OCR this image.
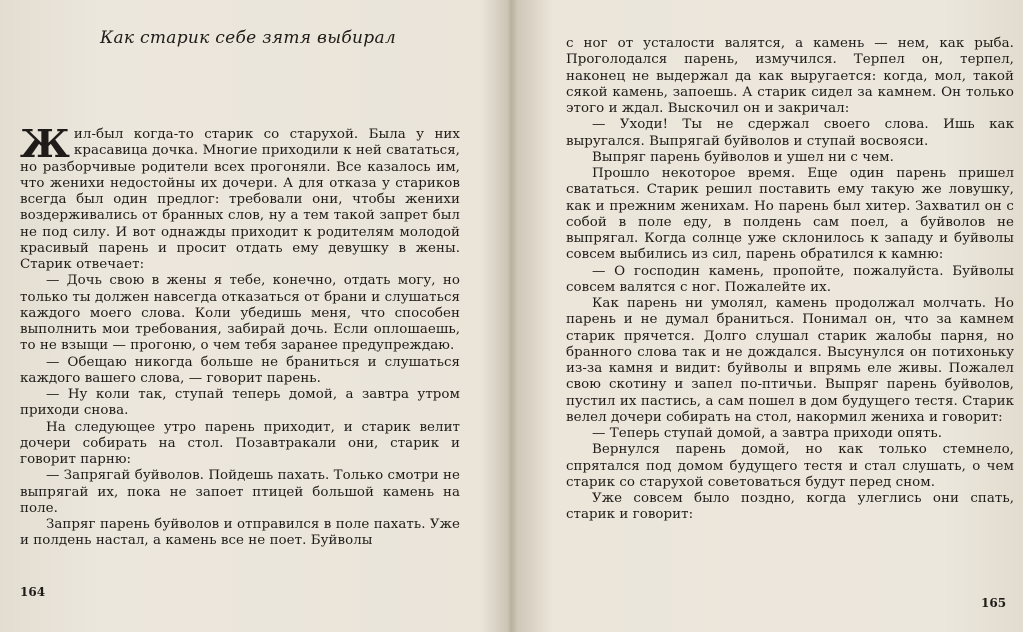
Как старик себе зятя выбирал

Жил-был когда-то старик со старухой. Была у них красавица дочка. Многие приходили к ней свататься, но разборчивые родители всех прогоняли. Все казалось им, что женихи недостойны их дочери. А для отказа у стариков всегда был один предлог: требовали они, чтобы женихи воздерживались от бранных слов, ну а тем такой запрет был не под силу. И вот однажды приходит к родителям молодой красивый парень и просит отдать ему девушку в жены. Старик отвечает:

— Дочь свою в жены я тебе, конечно, отдать могу, но только ты должен навсегда отказаться от брани и слушаться каждого моего слова. Коли убедишь меня, что способен выполнить мои требования, забирай дочь. Если оплошаешь, то не взыщи — прогоню, о чем тебя заранее предупреждаю.

— Обещаю никогда больше не браниться и слушаться каждого вашего слова, — говорит парень.

— Ну коли так, ступай теперь домой, а завтра утром приходи снова.

На следующее утро парень приходит, и старик велит дочери собирать на стол. Позавтракали они, старик и говорит парню:

— Запрягай буйволов. Пойдешь пахать. Только смотри не выпрягай их, пока не запоет птицей большой камень на поле.

Запряг парень буйволов и отправился в поле пахать. Уже и полдень настал, а камень все не поет. Буйволы

164

с ног от усталости валятся, а камень — нем, как рыба. Проголодался парень, измучился. Терпел он, терпел, наконец не выдержал да как выругается: когда, мол, такой сякой камень, запоешь. А старик сидел за камнем. Он только этого и ждал. Выскочил он и закричал:

— Уходи! Ты не сдержал своего слова. Ишь как выругался. Выпрягай буйволов и ступай восвояси.

Выпряг парень буйволов и ушел ни с чем.

Прошло некоторое время. Еще один парень пришел свататься. Старик решил поставить ему такую же ловушку, как и прежним женихам. Но парень был хитер. Захватил он с собой в поле еду, в полдень сам поел, а буйволов не выпрягал. Когда солнце уже склонилось к западу и буйволы совсем выбились из сил, парень обратился к камню:

— О господин камень, пропойте, пожалуйста. Буйволы совсем валятся с ног. Пожалейте их.

Как парень ни умолял, камень продолжал молчать. Но парень и не думал браниться. Понимал он, что за камнем старик прячется. Долго слушал старик жалобы парня, но бранного слова так и не дождался. Высунулся он потихоньку из-за камня и видит: буйволы и впрямь еле живы. Пожалел свою скотину и запел по-птичьи. Выпряг парень буйволов, пустил их пастись, а сам пошел в дом будущего тестя. Старик велел дочери собирать на стол, накормил жениха и говорит:

— Теперь ступай домой, а завтра приходи опять.

Вернулся парень домой, но как только стемнело, спрятался под домом будущего тестя и стал слушать, о чем старик со старухой советоваться будут перед сном.

Уже совсем было поздно, когда улеглись они спать, старик и говорит:

165
